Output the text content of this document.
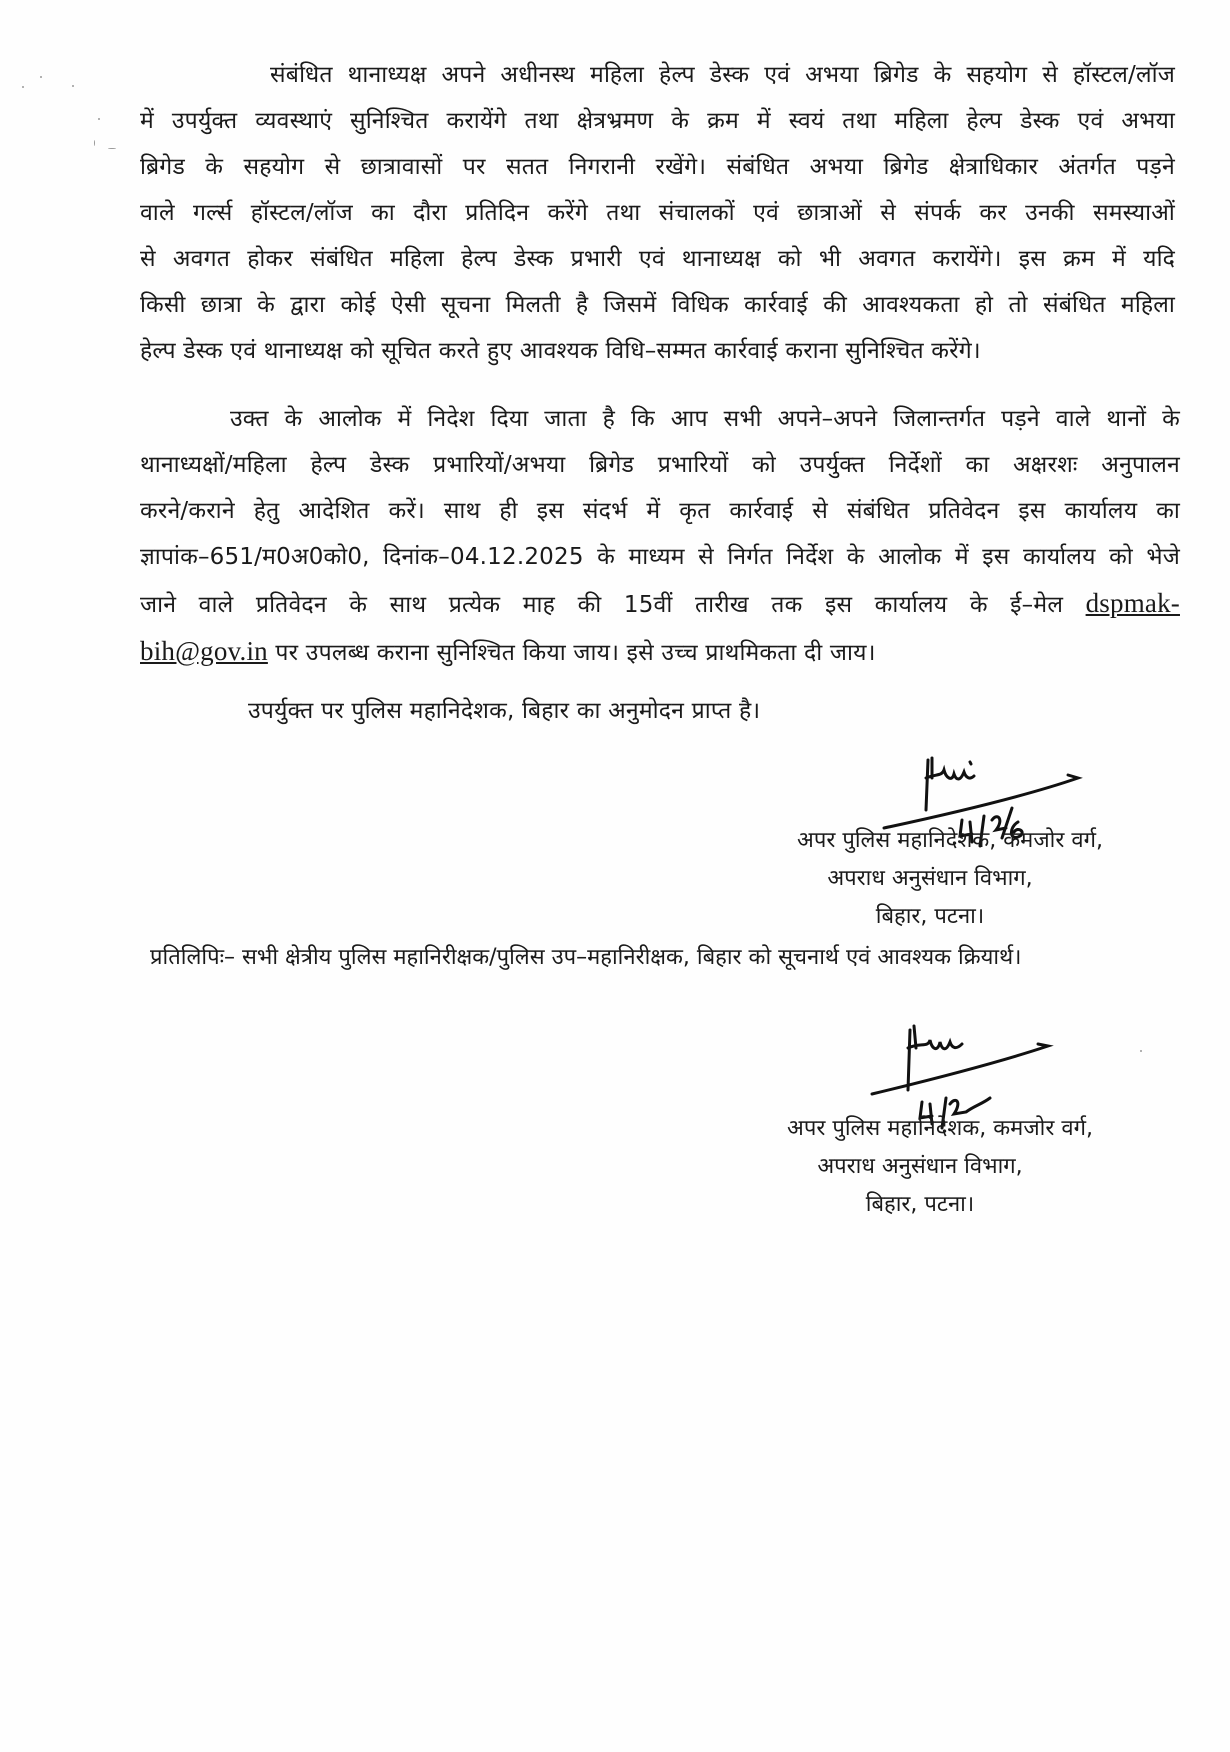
संबंधित थानाध्यक्ष अपने अधीनस्थ महिला हेल्प डेस्क एवं अभया ब्रिगेड के सहयोग से हॉस्टल/लॉज
में उपर्युक्त व्यवस्थाएं सुनिश्चित करायेंगे तथा क्षेत्रभ्रमण के क्रम में स्वयं तथा महिला हेल्प डेस्क एवं अभया
ब्रिगेड के सहयोग से छात्रावासों पर सतत निगरानी रखेंगे। संबंधित अभया ब्रिगेड क्षेत्राधिकार अंतर्गत पड़ने
वाले गर्ल्स हॉस्टल/लॉज का दौरा प्रतिदिन करेंगे तथा संचालकों एवं छात्राओं से संपर्क कर उनकी समस्याओं
से अवगत होकर संबंधित महिला हेल्प डेस्क प्रभारी एवं थानाध्यक्ष को भी अवगत करायेंगे। इस क्रम में यदि
किसी छात्रा के द्वारा कोई ऐसी सूचना मिलती है जिसमें विधिक कार्रवाई की आवश्यकता हो तो संबंधित महिला
हेल्प डेस्क एवं थानाध्यक्ष को सूचित करते हुए आवश्यक विधि–सम्मत कार्रवाई कराना सुनिश्चित करेंगे।
उक्त के आलोक में निदेश दिया जाता है कि आप सभी अपने–अपने जिलान्तर्गत पड़ने वाले थानों के
थानाध्यक्षों/महिला हेल्प डेस्क प्रभारियों/अभया ब्रिगेड प्रभारियों को उपर्युक्त निर्देशों का अक्षरशः अनुपालन
करने/कराने हेतु आदेशित करें। साथ ही इस संदर्भ में कृत कार्रवाई से संबंधित प्रतिवेदन इस कार्यालय का
ज्ञापांक–651/म0अ0को0, दिनांक–04.12.2025 के माध्यम से निर्गत निर्देश के आलोक में इस कार्यालय को भेजे
जाने वाले प्रतिवेदन के साथ प्रत्येक माह की 15वीं तारीख तक इस कार्यालय के ई–मेल dspmak-
bih@gov.in पर उपलब्ध कराना सुनिश्चित किया जाय। इसे उच्च प्राथमिकता दी जाय।
उपर्युक्त पर पुलिस महानिदेशक, बिहार का अनुमोदन प्राप्त है।
अपर पुलिस महानिदेशक, कमजोर वर्ग,
अपराध अनुसंधान विभाग,
बिहार, पटना।
प्रतिलिपिः– सभी क्षेत्रीय पुलिस महानिरीक्षक/पुलिस उप–महानिरीक्षक, बिहार को सूचनार्थ एवं आवश्यक क्रियार्थ।
अपर पुलिस महानिदेशक, कमजोर वर्ग,
अपराध अनुसंधान विभाग,
बिहार, पटना।
